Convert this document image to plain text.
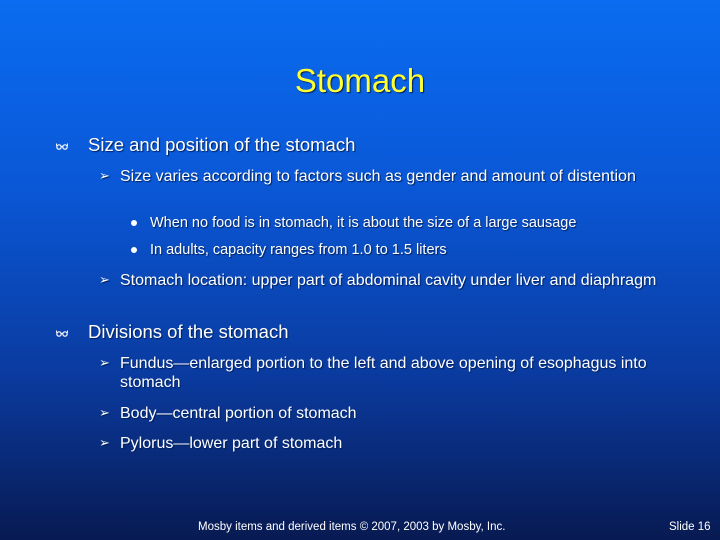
Stomach
Size and position of the stomach
➢ Size varies according to factors such as gender and amount of distention
When no food is in stomach, it is about the size of a large sausage
In adults, capacity ranges from 1.0 to 1.5 liters
➢ Stomach location: upper part of abdominal cavity under liver and diaphragm
Divisions of the stomach
➢ Fundus—enlarged portion to the left and above opening of esophagus into stomach
➢ Body—central portion of stomach
➢ Pylorus—lower part of stomach
Mosby items and derived items © 2007, 2003 by Mosby, Inc.	Slide 16
